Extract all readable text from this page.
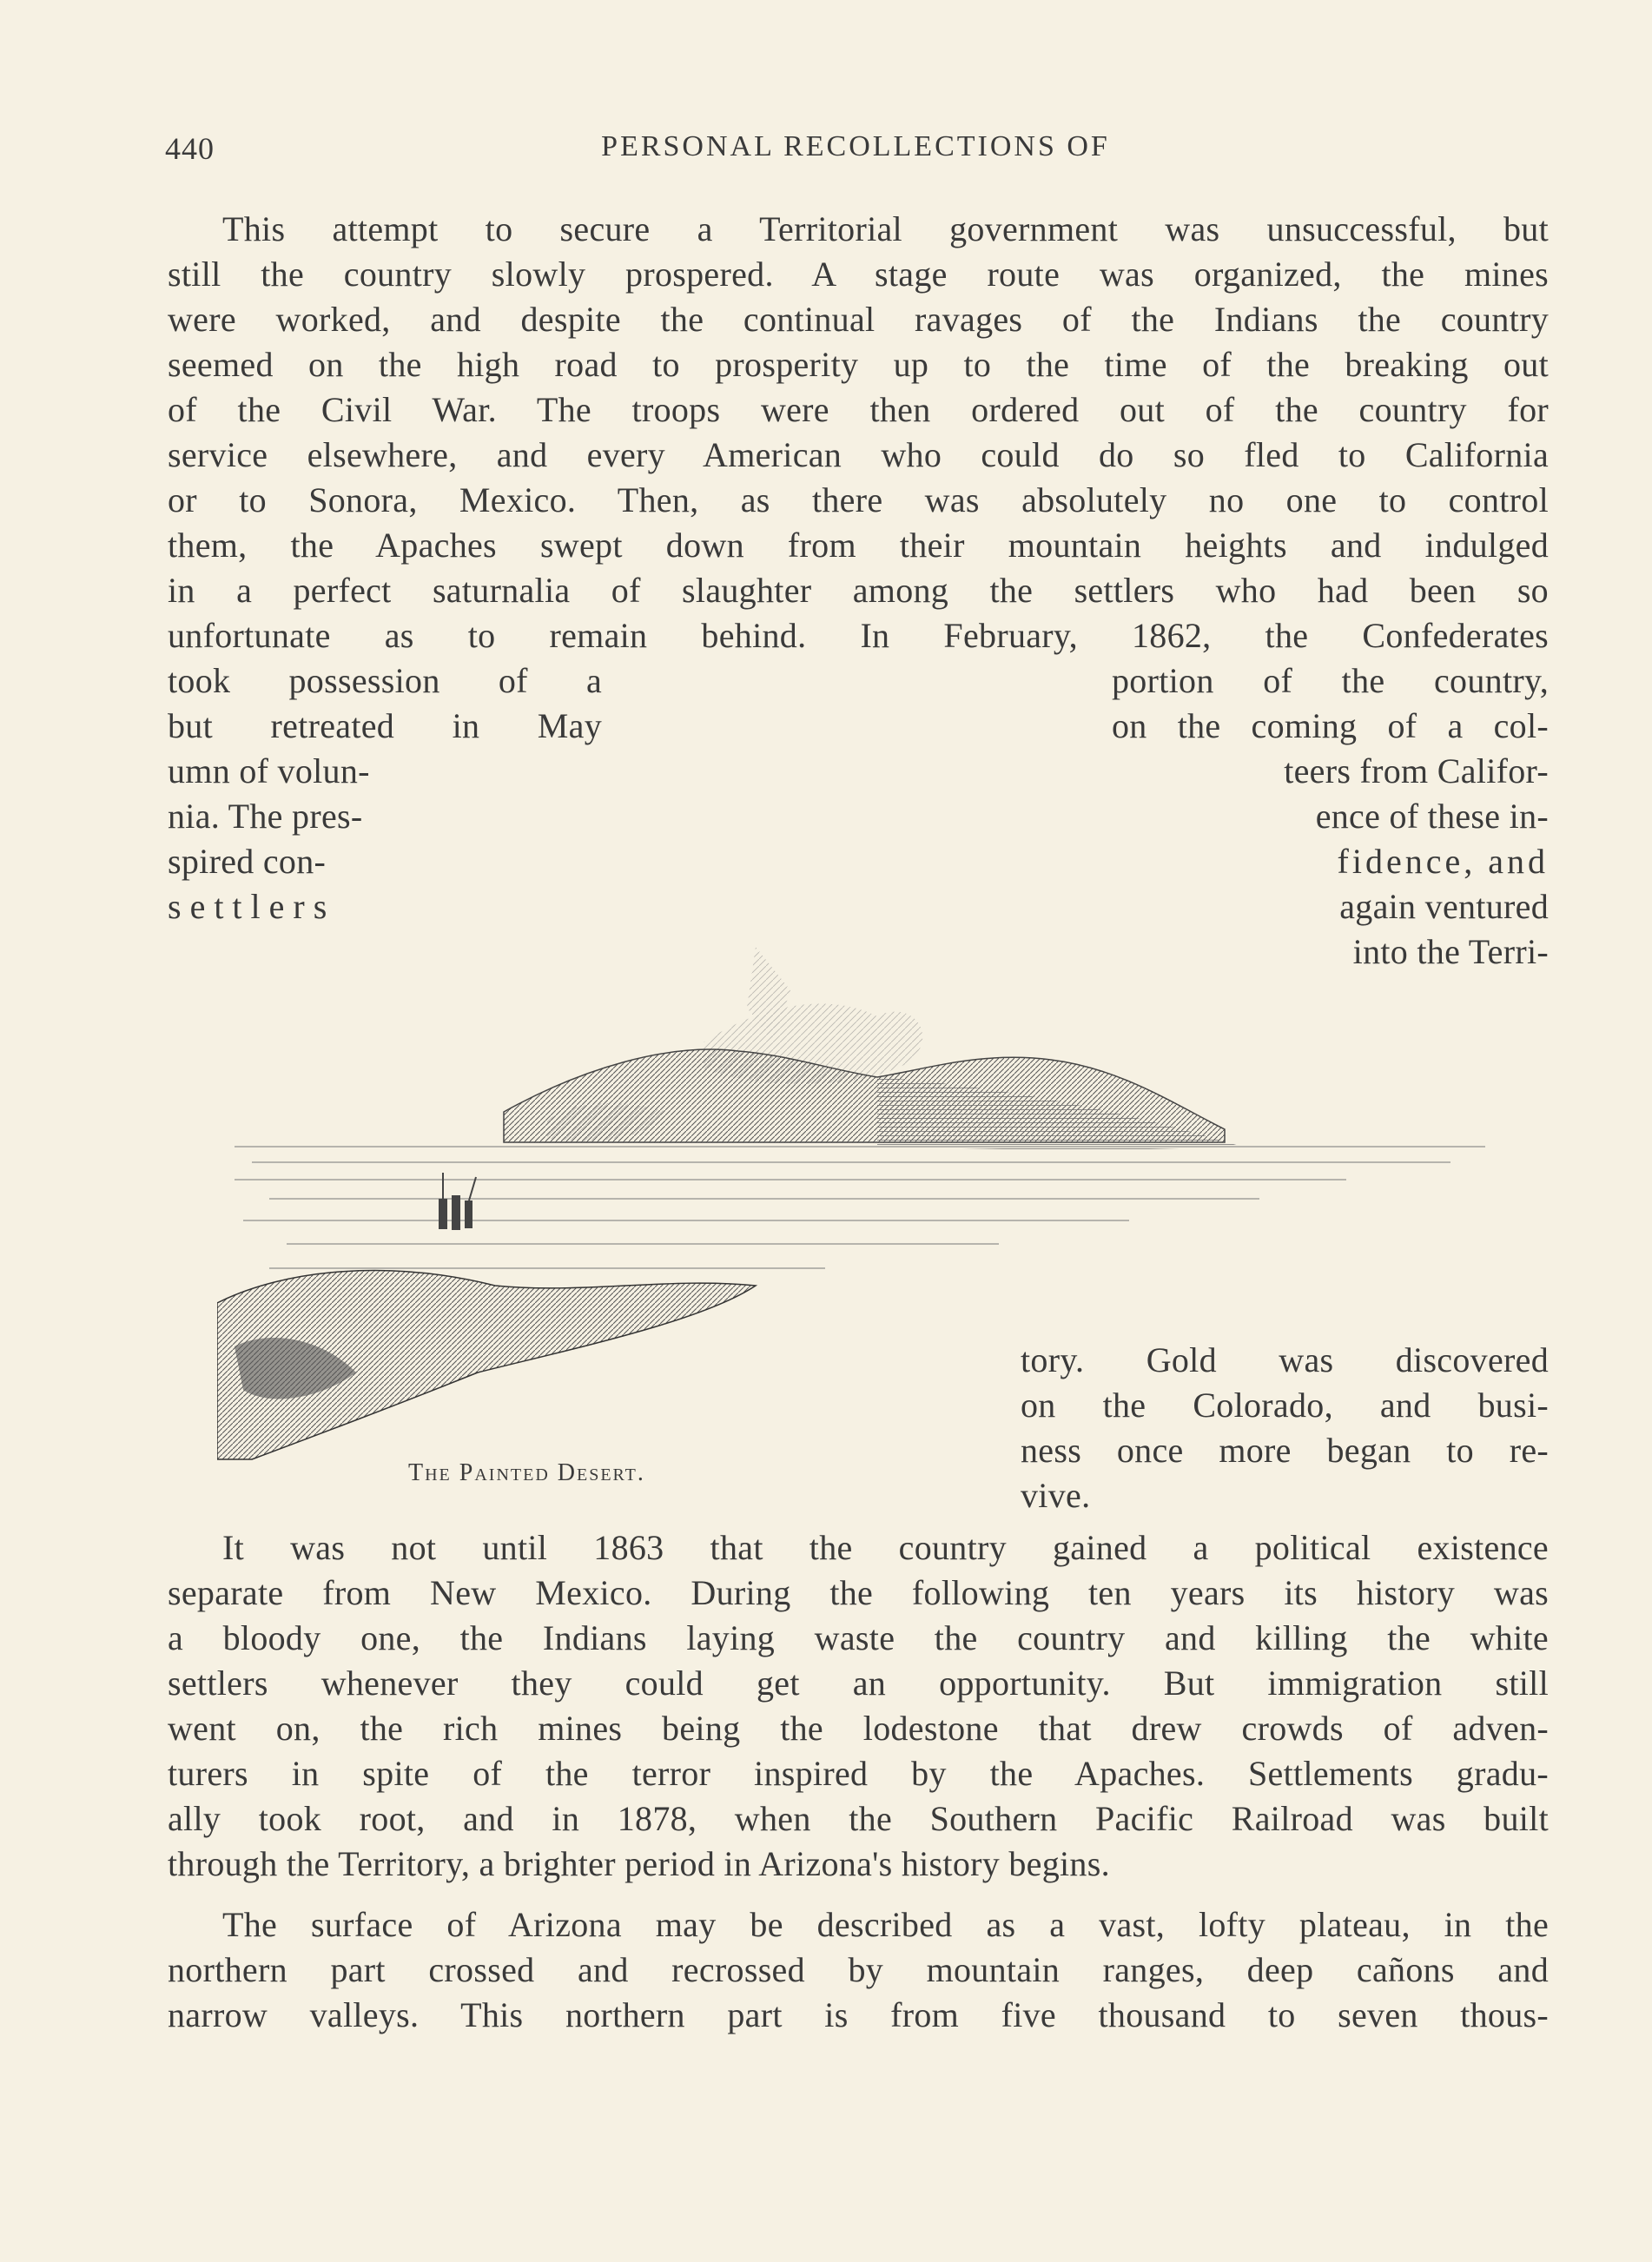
440	PERSONAL RECOLLECTIONS OF
This attempt to secure a Territorial government was unsuccessful, but
still the country slowly prospered. A stage route was organized, the mines
were worked, and despite the continual ravages of the Indians the country
seemed on the high road to prosperity up to the time of the breaking out
of the Civil War. The troops were then ordered out of the country for
service elsewhere, and every American who could do so fled to California
or to Sonora, Mexico. Then, as there was absolutely no one to control
them, the Apaches swept down from their mountain heights and indulged
in a perfect saturnalia of slaughter among the settlers who had been so
unfortunate as to remain behind. In February, 1862, the Confederates
took possession of a
but retreated in May
umn of volun-
nia. The pres-
spired con-
settlers
portion of the country,
on the coming of a col-
teers from Califor-
ence of these in-
fidence, and
again ventured
into the Terri-
The Painted Desert.
tory. Gold was discovered
on the Colorado, and busi-
ness once more began to re-
vive.
It was not until 1863 that the country gained a political existence
separate from New Mexico. During the following ten years its history was
a bloody one, the Indians laying waste the country and killing the white
settlers whenever they could get an opportunity. But immigration still
went on, the rich mines being the lodestone that drew crowds of adven-
turers in spite of the terror inspired by the Apaches. Settlements gradu-
ally took root, and in 1878, when the Southern Pacific Railroad was built
through the Territory, a brighter period in Arizona's history begins.
The surface of Arizona may be described as a vast, lofty plateau, in the
northern part crossed and recrossed by mountain ranges, deep cañons and
narrow valleys. This northern part is from five thousand to seven thous-
